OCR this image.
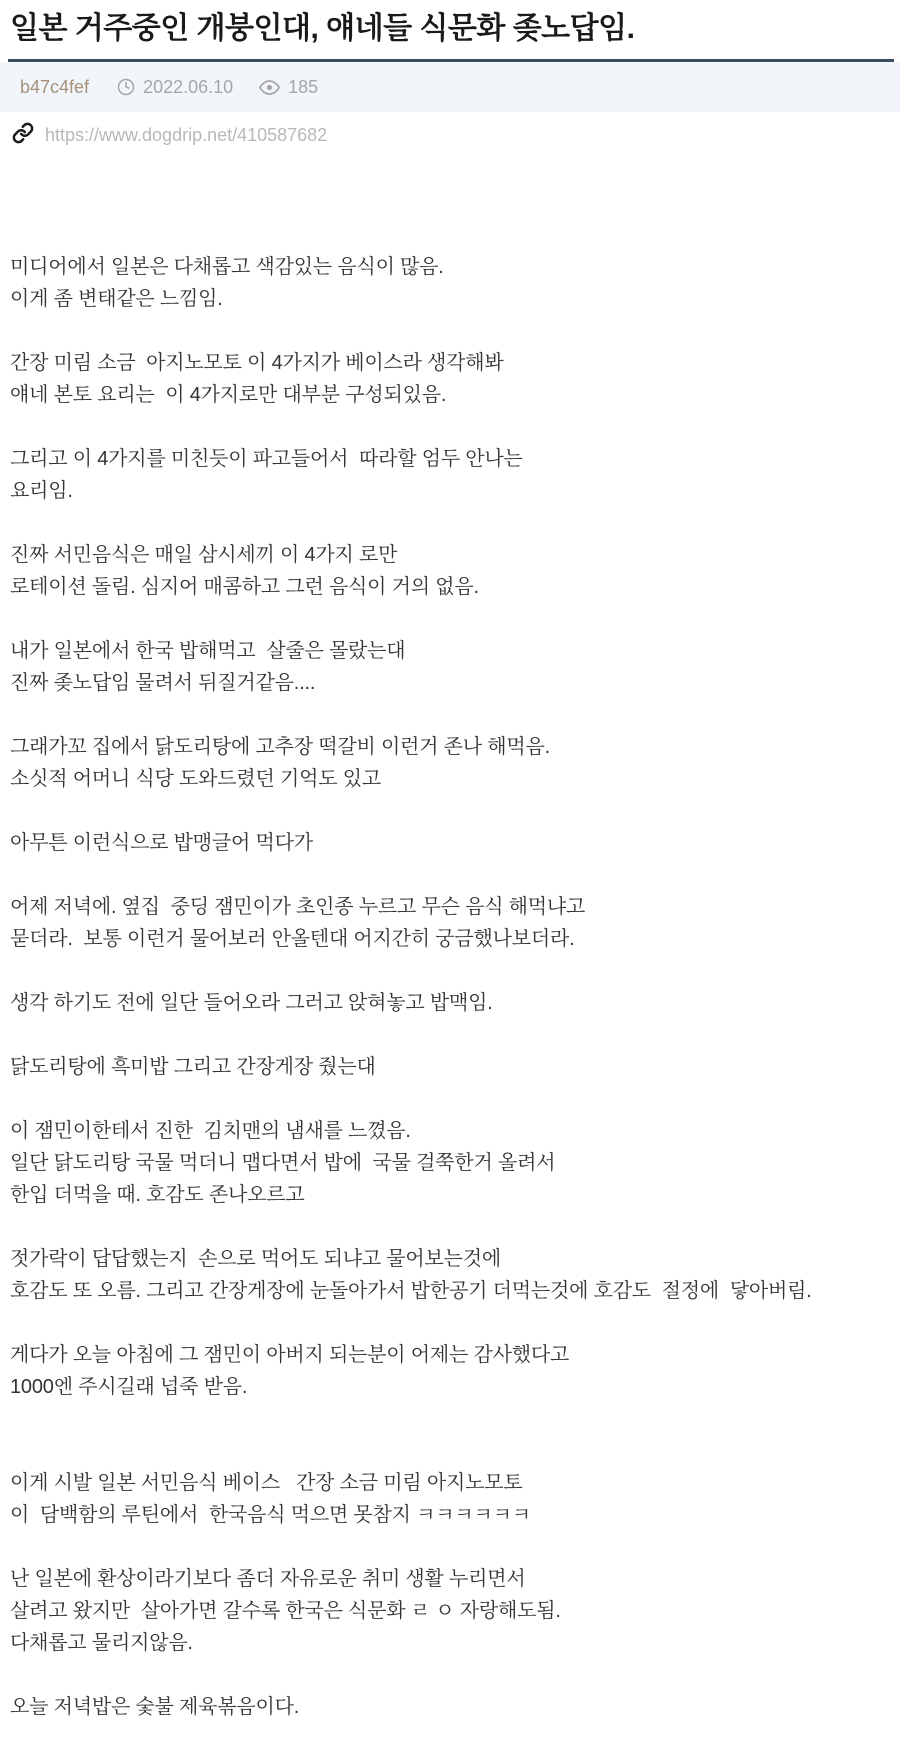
일본 거주중인 개붕인대, 얘네들 식문화 좆노답임.
b47c4fef	2022.06.10	185
https://www.dogdrip.net/410587682
미디어에서 일본은 다채롭고 색감있는 음식이 많음.
이게 좀 변태같은 느낌임.

간장 미림 소금  아지노모토 이 4가지가 베이스라 생각해봐
얘네 본토 요리는  이 4가지로만 대부분 구성되있음.

그리고 이 4가지를 미친듯이 파고들어서  따라할 엄두 안나는
요리임.

진짜 서민음식은 매일 삼시세끼 이 4가지 로만
로테이션 돌림. 심지어 매콤하고 그런 음식이 거의 없음.

내가 일본에서 한국 밥해먹고  살줄은 몰랐는대
진짜 좆노답임 물려서 뒤질거같음....

그래가꼬 집에서 닭도리탕에 고추장 떡갈비 이런거 존나 해먹음.
소싯적 어머니 식당 도와드렸던 기억도 있고

아무튼 이런식으로 밥맹글어 먹다가

어제 저녁에. 옆집  중딩 잼민이가 초인종 누르고 무슨 음식 해먹냐고
묻더라.  보통 이런거 물어보러 안올텐대 어지간히 궁금했나보더라.

생각 하기도 전에 일단 들어오라 그러고 앉혀놓고 밥맥임.

닭도리탕에 흑미밥 그리고 간장게장 줬는대

이 잼민이한테서 진한  김치맨의 냄새를 느꼈음.
일단 닭도리탕 국물 먹더니 맵다면서 밥에  국물 걸쭉한거 올려서
한입 더먹을 때. 호감도 존나오르고

젓가락이 답답했는지  손으로 먹어도 되냐고 물어보는것에
호감도 또 오름. 그리고 간장게장에 눈돌아가서 밥한공기 더먹는것에 호감도  절정에  닿아버림.

게다가 오늘 아침에 그 잼민이 아버지 되는분이 어제는 감사했다고
1000엔 주시길래 넙죽 받음.

이게 시발 일본 서민음식 베이스   간장 소금 미림 아지노모토
이  담백함의 루틴에서  한국음식 먹으면 못참지 ㅋㅋㅋㅋㅋㅋ

난 일본에 환상이라기보다 좀더 자유로운 취미 생활 누리면서
살려고 왔지만  살아가면 갈수록 한국은 식문화 ㄹ ㅇ 자랑해도됨.
다채롭고 물리지않음.

오늘 저녁밥은 숯불 제육볶음이다.
